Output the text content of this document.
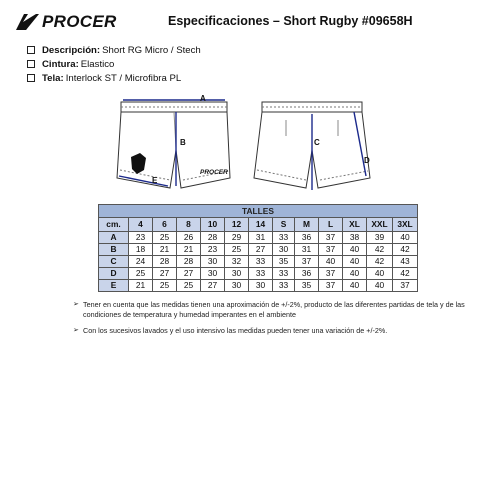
PROCER	Especificaciones – Short Rugby #09658H
Descripción: Short RG Micro / Stech
Cintura: Elastico
Tela: Interlock ST / Microfibra PL
PROCER
A
B
E
C
D
TALLES												
cm.	4	6	8	10	12	14	S	M	L	XL	XXL	3XL
A	23	25	26	28	29	31	33	36	37	38	39	40
B	18	21	21	23	25	27	30	31	37	40	42	42
C	24	28	28	30	32	33	35	37	40	40	42	43
D	25	27	27	30	30	33	33	36	37	40	40	42
E	21	25	25	27	30	30	33	35	37	40	40	37
➢ Tener en cuenta que las medidas tienen una aproximación de +/-2%, producto de las diferentes partidas de tela y de las condiciones de temperatura y humedad imperantes en el ambiente
➢ Con los sucesivos lavados y el uso intensivo las medidas pueden tener una variación de +/-2%.
